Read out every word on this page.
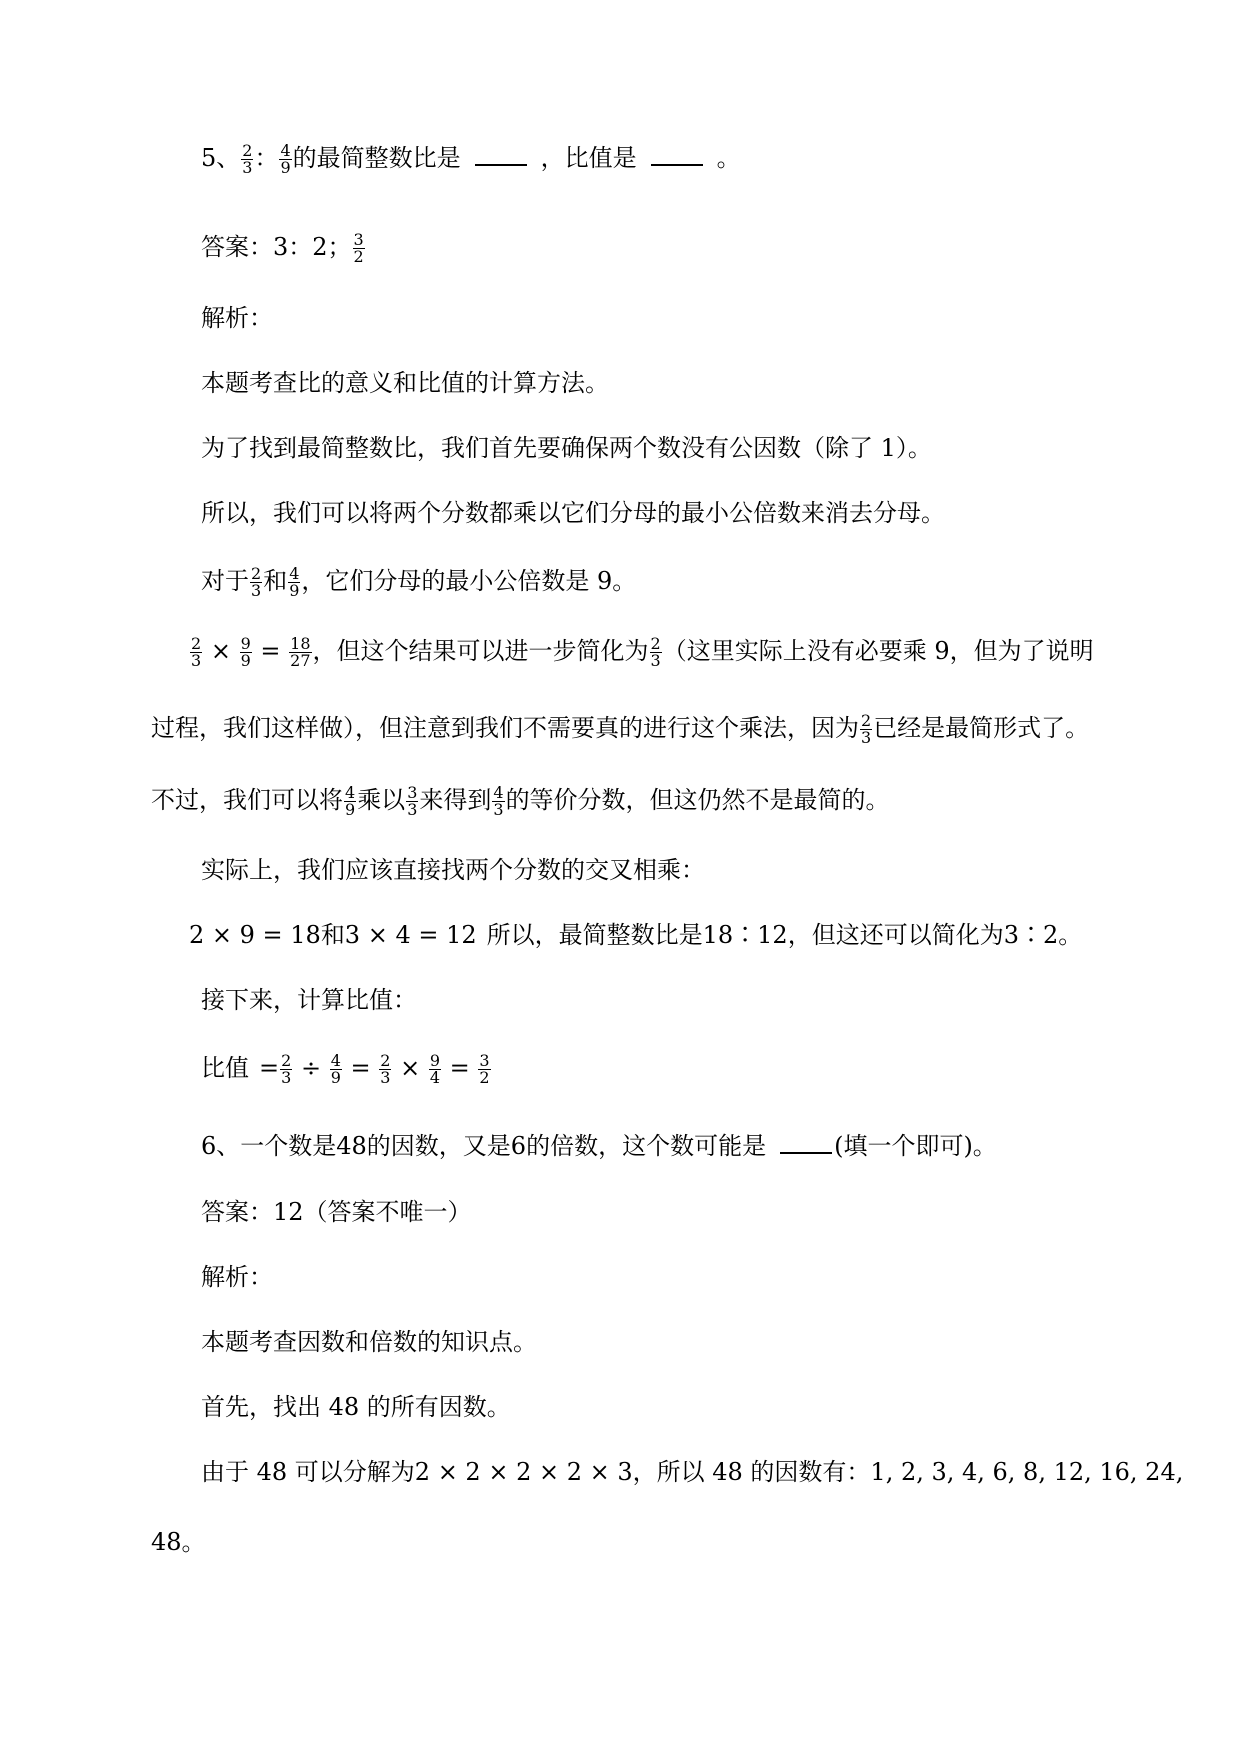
5、 $\frac{2}{3}$ ： $\frac{4}{9}$ 的最简整数比是	，比值是	。
答案：3：2； $\frac{3}{2}$
解析：
本题考查比的意义和比值的计算方法。
为了找到最简整数比，我们首先要确保两个数没有公因数（除了 1）。
所以，我们可以将两个分数都乘以它们分母的最小公倍数来消去分母。
对于 $\frac{2}{3}$ 和 $\frac{4}{9}$ ，它们分母的最小公倍数是 9。
$\frac{2}{3} \times \frac{9}{9} = \frac{18}{27}$ ，但这个结果可以进一步简化为 $\frac{2}{3}$ （这里实际上没有必要乘 9，但为了说明
过程，我们这样做），但注意到我们不需要真的进行这个乘法，因为 $\frac{2}{3}$ 已经是最简形式了。
不过，我们可以将 $\frac{4}{9}$ 乘以 $\frac{3}{3}$ 来得到 $\frac{4}{3}$ 的等价分数，但这仍然不是最简的。
实际上，我们应该直接找两个分数的交叉相乘：
2 × 9 = 18和3 × 4 = 12 所以，最简整数比是18∶12，但这还可以简化为3∶2。
接下来，计算比值：
比值 = $\frac{2}{3} \div \frac{4}{9} = \frac{2}{3} \times \frac{9}{4} = \frac{3}{2}$
6、一个数是48的因数，又是6的倍数，这个数可能是	(填一个即可)。
答案：12（答案不唯一）
解析：
本题考查因数和倍数的知识点。
首先，找出 48 的所有因数。
由于 48 可以分解为2 × 2 × 2 × 2 × 3，所以 48 的因数有：1, 2, 3, 4, 6, 8, 12, 16, 24,
48。
